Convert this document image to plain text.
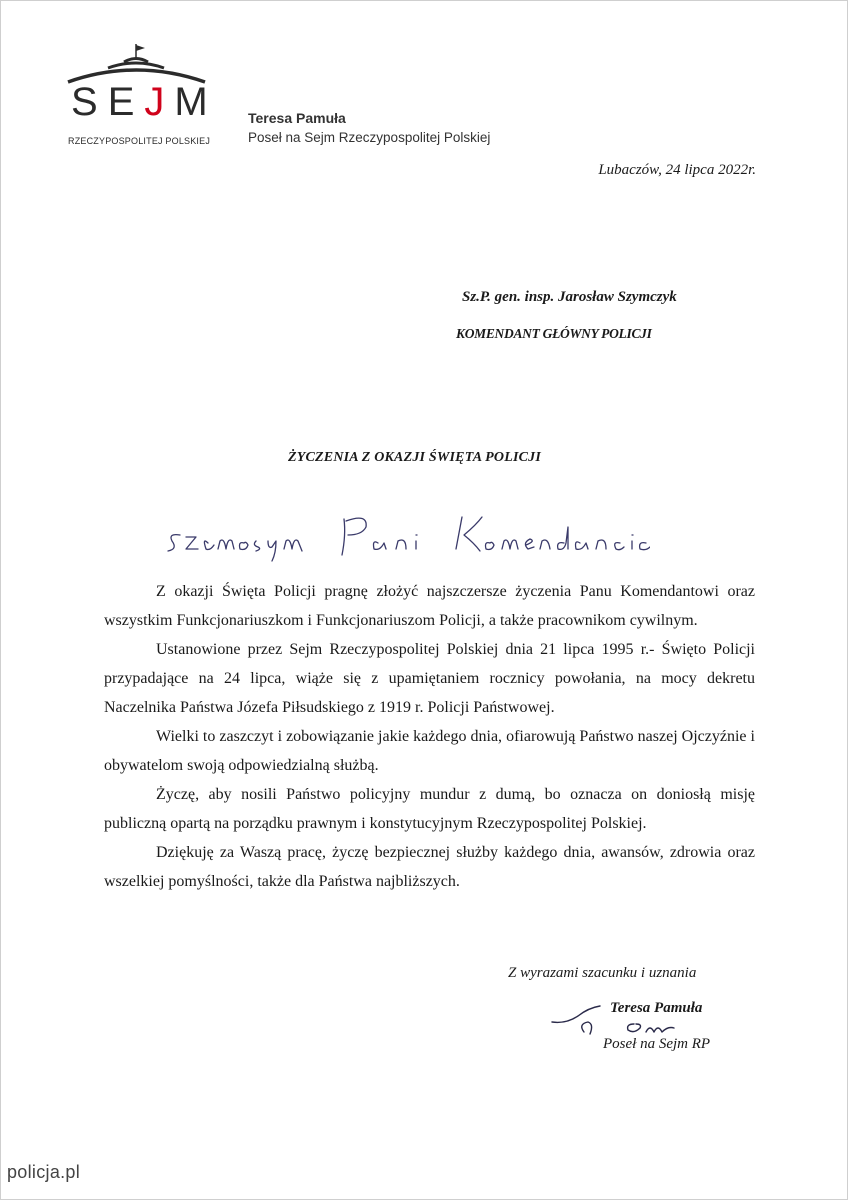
SEJM
RZECZYPOSPOLITEJ POLSKIEJ
Teresa Pamuła
Poseł na Sejm Rzeczypospolitej Polskiej
Lubaczów, 24 lipca 2022r.
Sz.P. gen. insp. Jarosław Szymczyk
KOMENDANT GŁÓWNY POLICJI
ŻYCZENIA Z OKAZJI ŚWIĘTA POLICJI

Z okazji Święta Policji pragnę złożyć najszczersze życzenia Panu Komendantowi oraz wszystkim Funkcjonariuszkom i Funkcjonariuszom Policji, a także pracownikom cywilnym.

Ustanowione przez Sejm Rzeczypospolitej Polskiej dnia 21 lipca 1995 r.- Święto Policji przypadające na 24 lipca, wiąże się z upamiętaniem rocznicy powołania, na mocy dekretu Naczelnika Państwa Józefa Piłsudskiego z 1919 r. Policji Państwowej.

Wielki to zaszczyt i zobowiązanie jakie każdego dnia, ofiarowują Państwo naszej Ojczyźnie i obywatelom swoją odpowiedzialną służbą.

Życzę, aby nosili Państwo policyjny mundur z dumą, bo oznacza on doniosłą misję publiczną opartą na porządku prawnym i konstytucyjnym Rzeczypospolitej Polskiej.

Dziękuję za Waszą pracę, życzę bezpiecznej służby każdego dnia, awansów, zdrowia oraz wszelkiej pomyślności, także dla Państwa najbliższych.

Z wyrazami szacunku i uznania
Teresa Pamuła
Poseł na Sejm RP
policja.pl
